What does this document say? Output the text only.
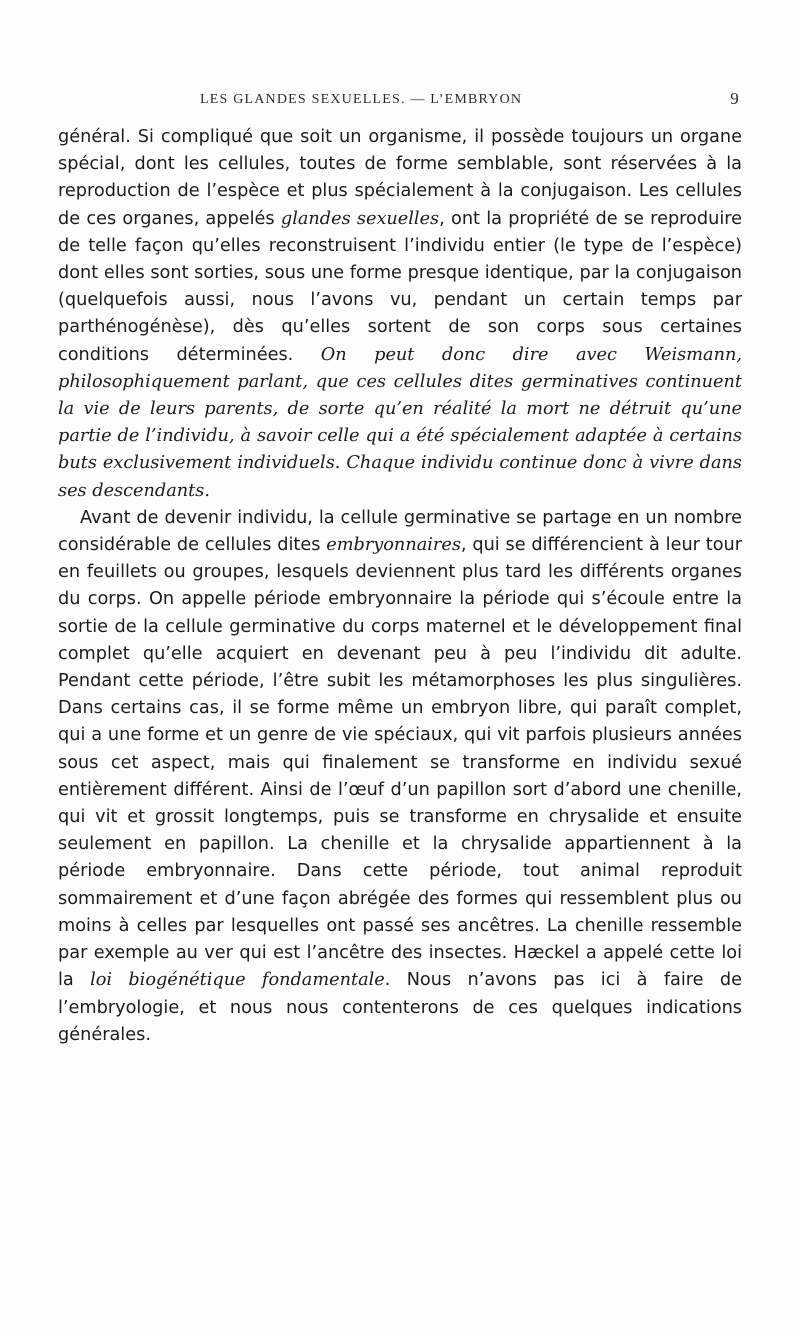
LES GLANDES SEXUELLES. — L’EMBRYON	9

général. Si compliqué que soit un organisme, il possède toujours un organe spécial, dont les cellules, toutes de forme semblable, sont réservées à la reproduction de l’espèce et plus spécialement à la conjugaison. Les cellules de ces organes, appelés glandes sexuelles, ont la propriété de se reproduire de telle façon qu’elles reconstruisent l’individu entier (le type de l’espèce) dont elles sont sorties, sous une forme presque identique, par la conjugaison (quelquefois aussi, nous l’avons vu, pendant un certain temps par parthénogénèse), dès qu’elles sortent de son corps sous certaines conditions déterminées. On peut donc dire avec Weismann, philosophiquement parlant, que ces cellules dites germinatives continuent la vie de leurs parents, de sorte qu’en réalité la mort ne détruit qu’une partie de l’individu, à savoir celle qui a été spécialement adaptée à certains buts exclusivement individuels. Chaque individu continue donc à vivre dans ses descendants.

Avant de devenir individu, la cellule germinative se partage en un nombre considérable de cellules dites embryonnaires, qui se différencient à leur tour en feuillets ou groupes, lesquels deviennent plus tard les différents organes du corps. On appelle période embryonnaire la période qui s’écoule entre la sortie de la cellule germinative du corps maternel et le développement final complet qu’elle acquiert en devenant peu à peu l’individu dit adulte. Pendant cette période, l’être subit les métamorphoses les plus singulières. Dans certains cas, il se forme même un embryon libre, qui paraît complet, qui a une forme et un genre de vie spéciaux, qui vit parfois plusieurs années sous cet aspect, mais qui finalement se transforme en individu sexué entièrement différent. Ainsi de l’œuf d’un papillon sort d’abord une chenille, qui vit et grossit longtemps, puis se transforme en chrysalide et ensuite seulement en papillon. La chenille et la chrysalide appartiennent à la période embryonnaire. Dans cette période, tout animal reproduit sommairement et d’une façon abrégée des formes qui ressemblent plus ou moins à celles par lesquelles ont passé ses ancêtres. La chenille ressemble par exemple au ver qui est l’ancêtre des insectes. Hæckel a appelé cette loi la loi biogénétique fondamentale. Nous n’avons pas ici à faire de l’embryologie, et nous nous contenterons de ces quelques indications générales.
